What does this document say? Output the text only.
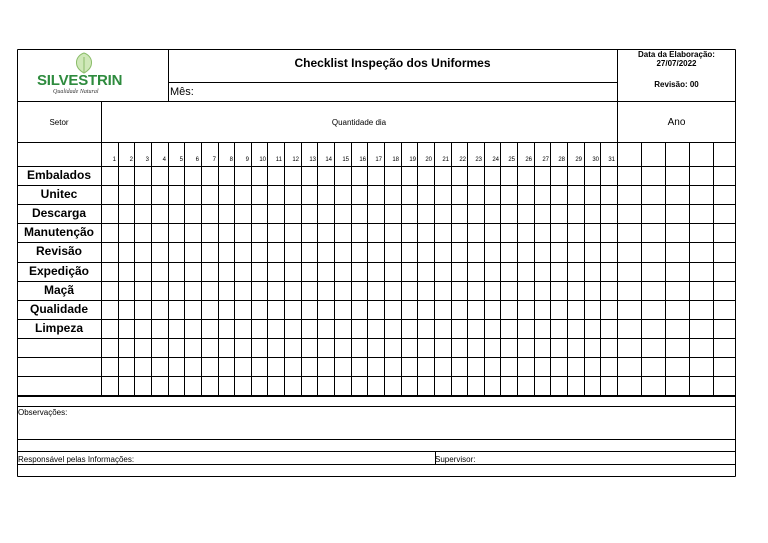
SILVESTRIN
Qualidade Natural
Checklist Inspeção dos Uniformes
Mês:
Data da Elaboração:
27/07/2022
Revisão: 00
Setor	Quantidade dia	Ano
1	2	3	4	5	6	7	8	9	10	11	12	13	14	15	16	17	18	19	20	21	22	23	24	25	26	27	28	29	30	31
Embalados
Unitec
Descarga
Manutenção
Revisão
Expedição
Maçã
Qualidade
Limpeza
Observações:
Responsável pelas Informações:	Supervisor:
